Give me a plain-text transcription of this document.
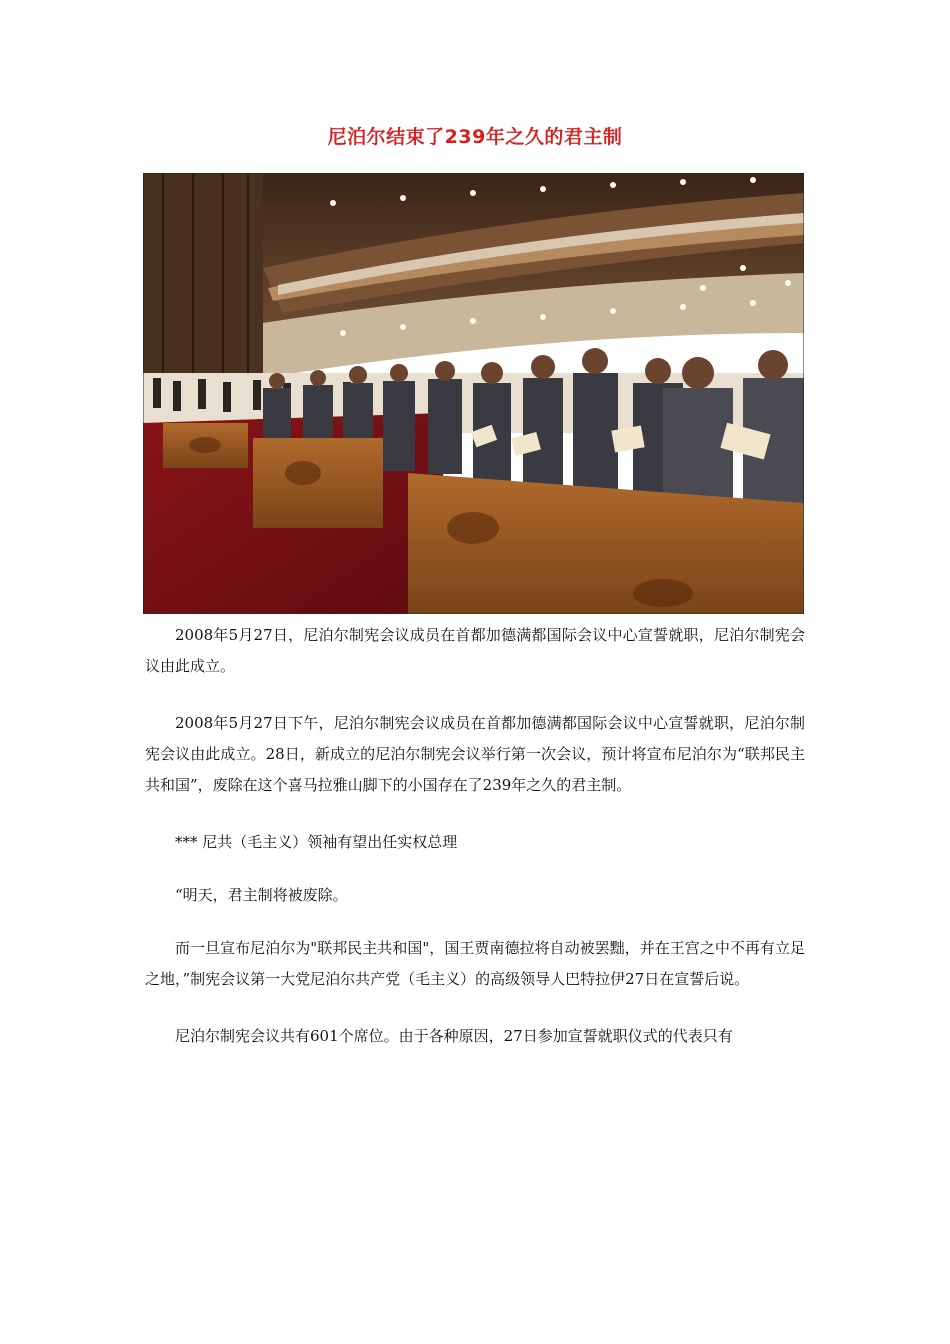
尼泊尔结束了239年之久的君主制

2008年5月27日，尼泊尔制宪会议成员在首都加德满都国际会议中心宣誓就职，尼泊尔制宪会议由此成立。

2008年5月27日下午，尼泊尔制宪会议成员在首都加德满都国际会议中心宣誓就职，尼泊尔制宪会议由此成立。28日，新成立的尼泊尔制宪会议举行第一次会议，预计将宣布尼泊尔为“联邦民主共和国”，废除在这个喜马拉雅山脚下的小国存在了239年之久的君主制。

*** 尼共（毛主义）领袖有望出任实权总理

“明天，君主制将被废除。

而一旦宣布尼泊尔为"联邦民主共和国"，国王贾南德拉将自动被罢黜，并在王宫之中不再有立足之地，”制宪会议第一大党尼泊尔共产党（毛主义）的高级领导人巴特拉伊27日在宣誓后说。

尼泊尔制宪会议共有601个席位。由于各种原因，27日参加宣誓就职仪式的代表只有
